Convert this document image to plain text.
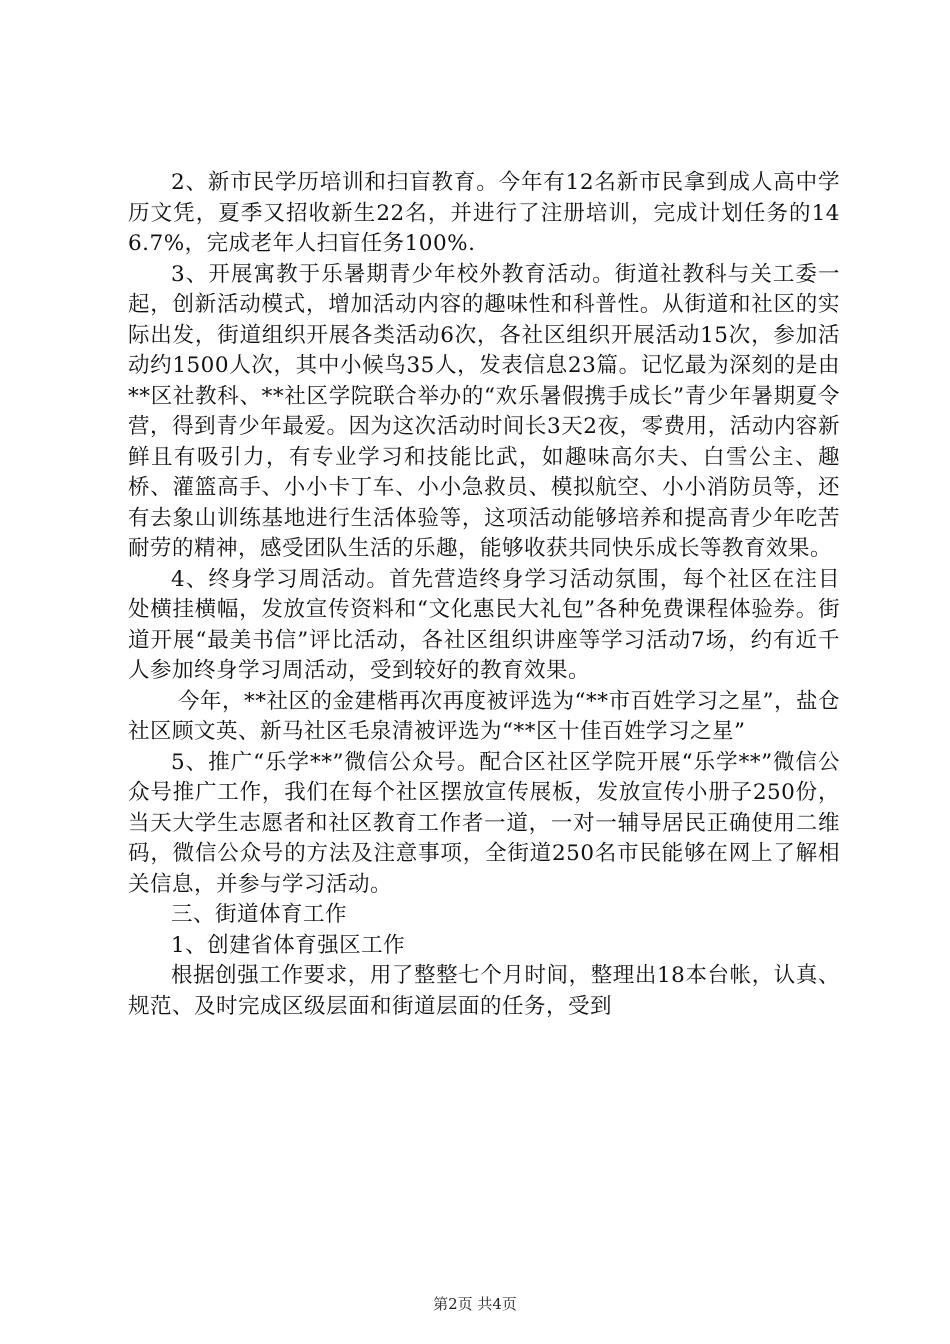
2、新市民学历培训和扫盲教育。今年有12名新市民拿到成人高中学历文凭，夏季又招收新生22名，并进行了注册培训，完成计划任务的146.7%，完成老年人扫盲任务100%.

3、开展寓教于乐暑期青少年校外教育活动。街道社教科与关工委一起，创新活动模式，增加活动内容的趣味性和科普性。从街道和社区的实际出发，街道组织开展各类活动6次，各社区组织开展活动15次，参加活动约1500人次，其中小候鸟35人，发表信息23篇。记忆最为深刻的是由**区社教科、**社区学院联合举办的“欢乐暑假携手成长”青少年暑期夏令营，得到青少年最爱。因为这次活动时间长3天2夜，零费用，活动内容新鲜且有吸引力，有专业学习和技能比武，如趣味高尔夫、白雪公主、趣桥、灌篮高手、小小卡丁车、小小急救员、模拟航空、小小消防员等，还有去象山训练基地进行生活体验等，这项活动能够培养和提高青少年吃苦耐劳的精神，感受团队生活的乐趣，能够收获共同快乐成长等教育效果。

4、终身学习周活动。首先营造终身学习活动氛围，每个社区在注目处横挂横幅，发放宣传资料和“文化惠民大礼包”各种免费课程体验券。街道开展“最美书信”评比活动，各社区组织讲座等学习活动7场，约有近千人参加终身学习周活动，受到较好的教育效果。

今年，**社区的金建楷再次再度被评选为“**市百姓学习之星”，盐仓社区顾文英、新马社区毛泉清被评选为“**区十佳百姓学习之星”

5、推广“乐学**”微信公众号。配合区社区学院开展“乐学**”微信公众号推广工作，我们在每个社区摆放宣传展板，发放宣传小册子250份，当天大学生志愿者和社区教育工作者一道，一对一辅导居民正确使用二维码，微信公众号的方法及注意事项，全街道250名市民能够在网上了解相关信息，并参与学习活动。

三、街道体育工作

1、创建省体育强区工作

根据创强工作要求，用了整整七个月时间，整理出18本台帐，认真、规范、及时完成区级层面和街道层面的任务，受到

第2页 共4页
